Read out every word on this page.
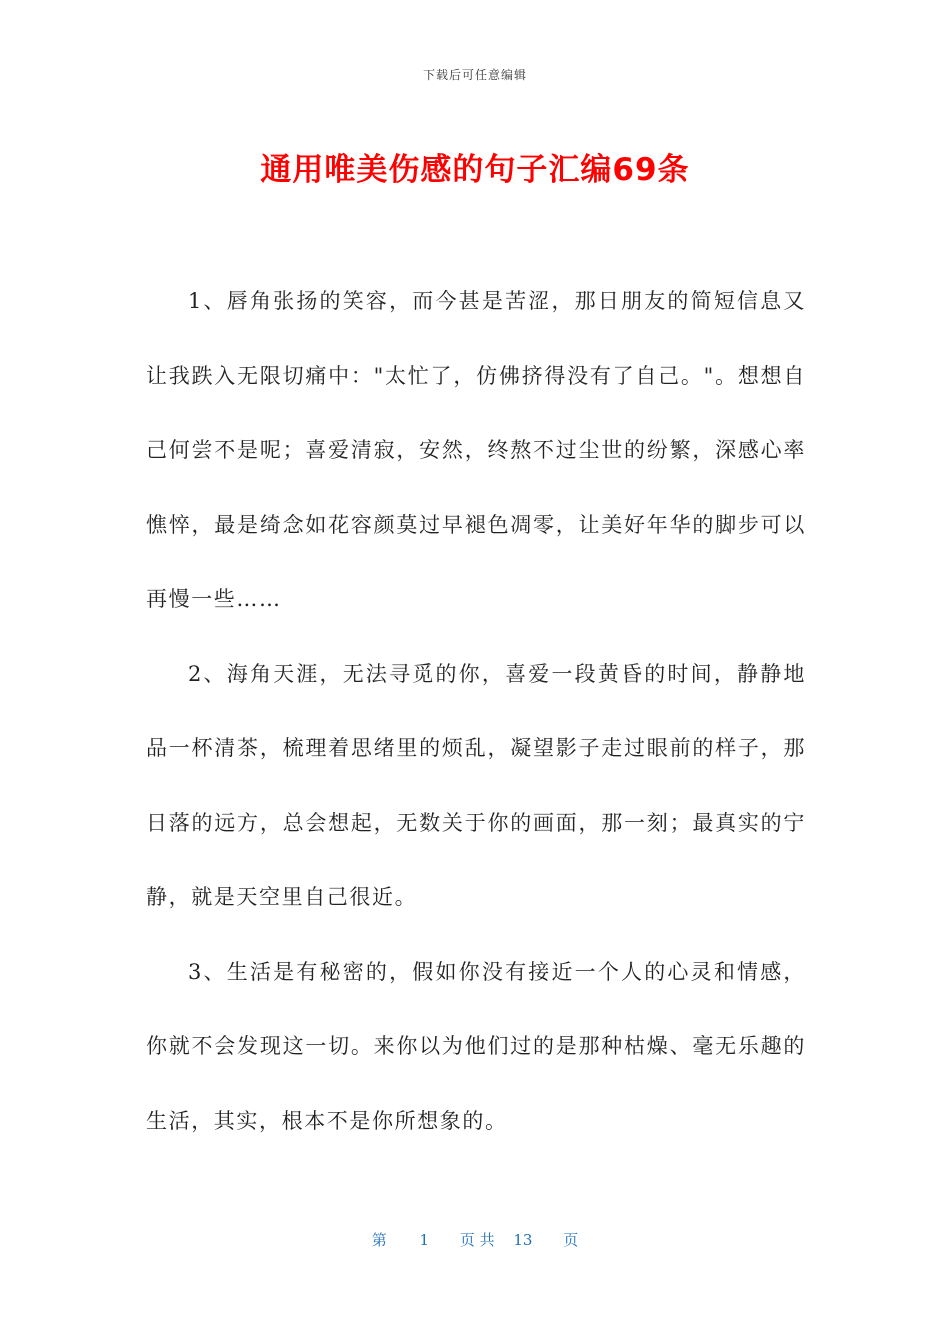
下载后可任意编辑
通用唯美伤感的句子汇编69条

1、唇角张扬的笑容，而今甚是苦涩，那日朋友的简短信息又让我跌入无限切痛中："太忙了，仿佛挤得没有了自己。"。想想自己何尝不是呢；喜爱清寂，安然，终熬不过尘世的纷繁，深感心率憔悴，最是绮念如花容颜莫过早褪色凋零，让美好年华的脚步可以再慢一些……

2、海角天涯，无法寻觅的你，喜爱一段黄昏的时间，静静地品一杯清茶，梳理着思绪里的烦乱，凝望影子走过眼前的样子，那日落的远方，总会想起，无数关于你的画面，那一刻；最真实的宁静，就是天空里自己很近。

3、生活是有秘密的，假如你没有接近一个人的心灵和情感，你就不会发现这一切。来你以为他们过的是那种枯燥、毫无乐趣的生活，其实，根本不是你所想象的。

第 1 页 共 13 页
